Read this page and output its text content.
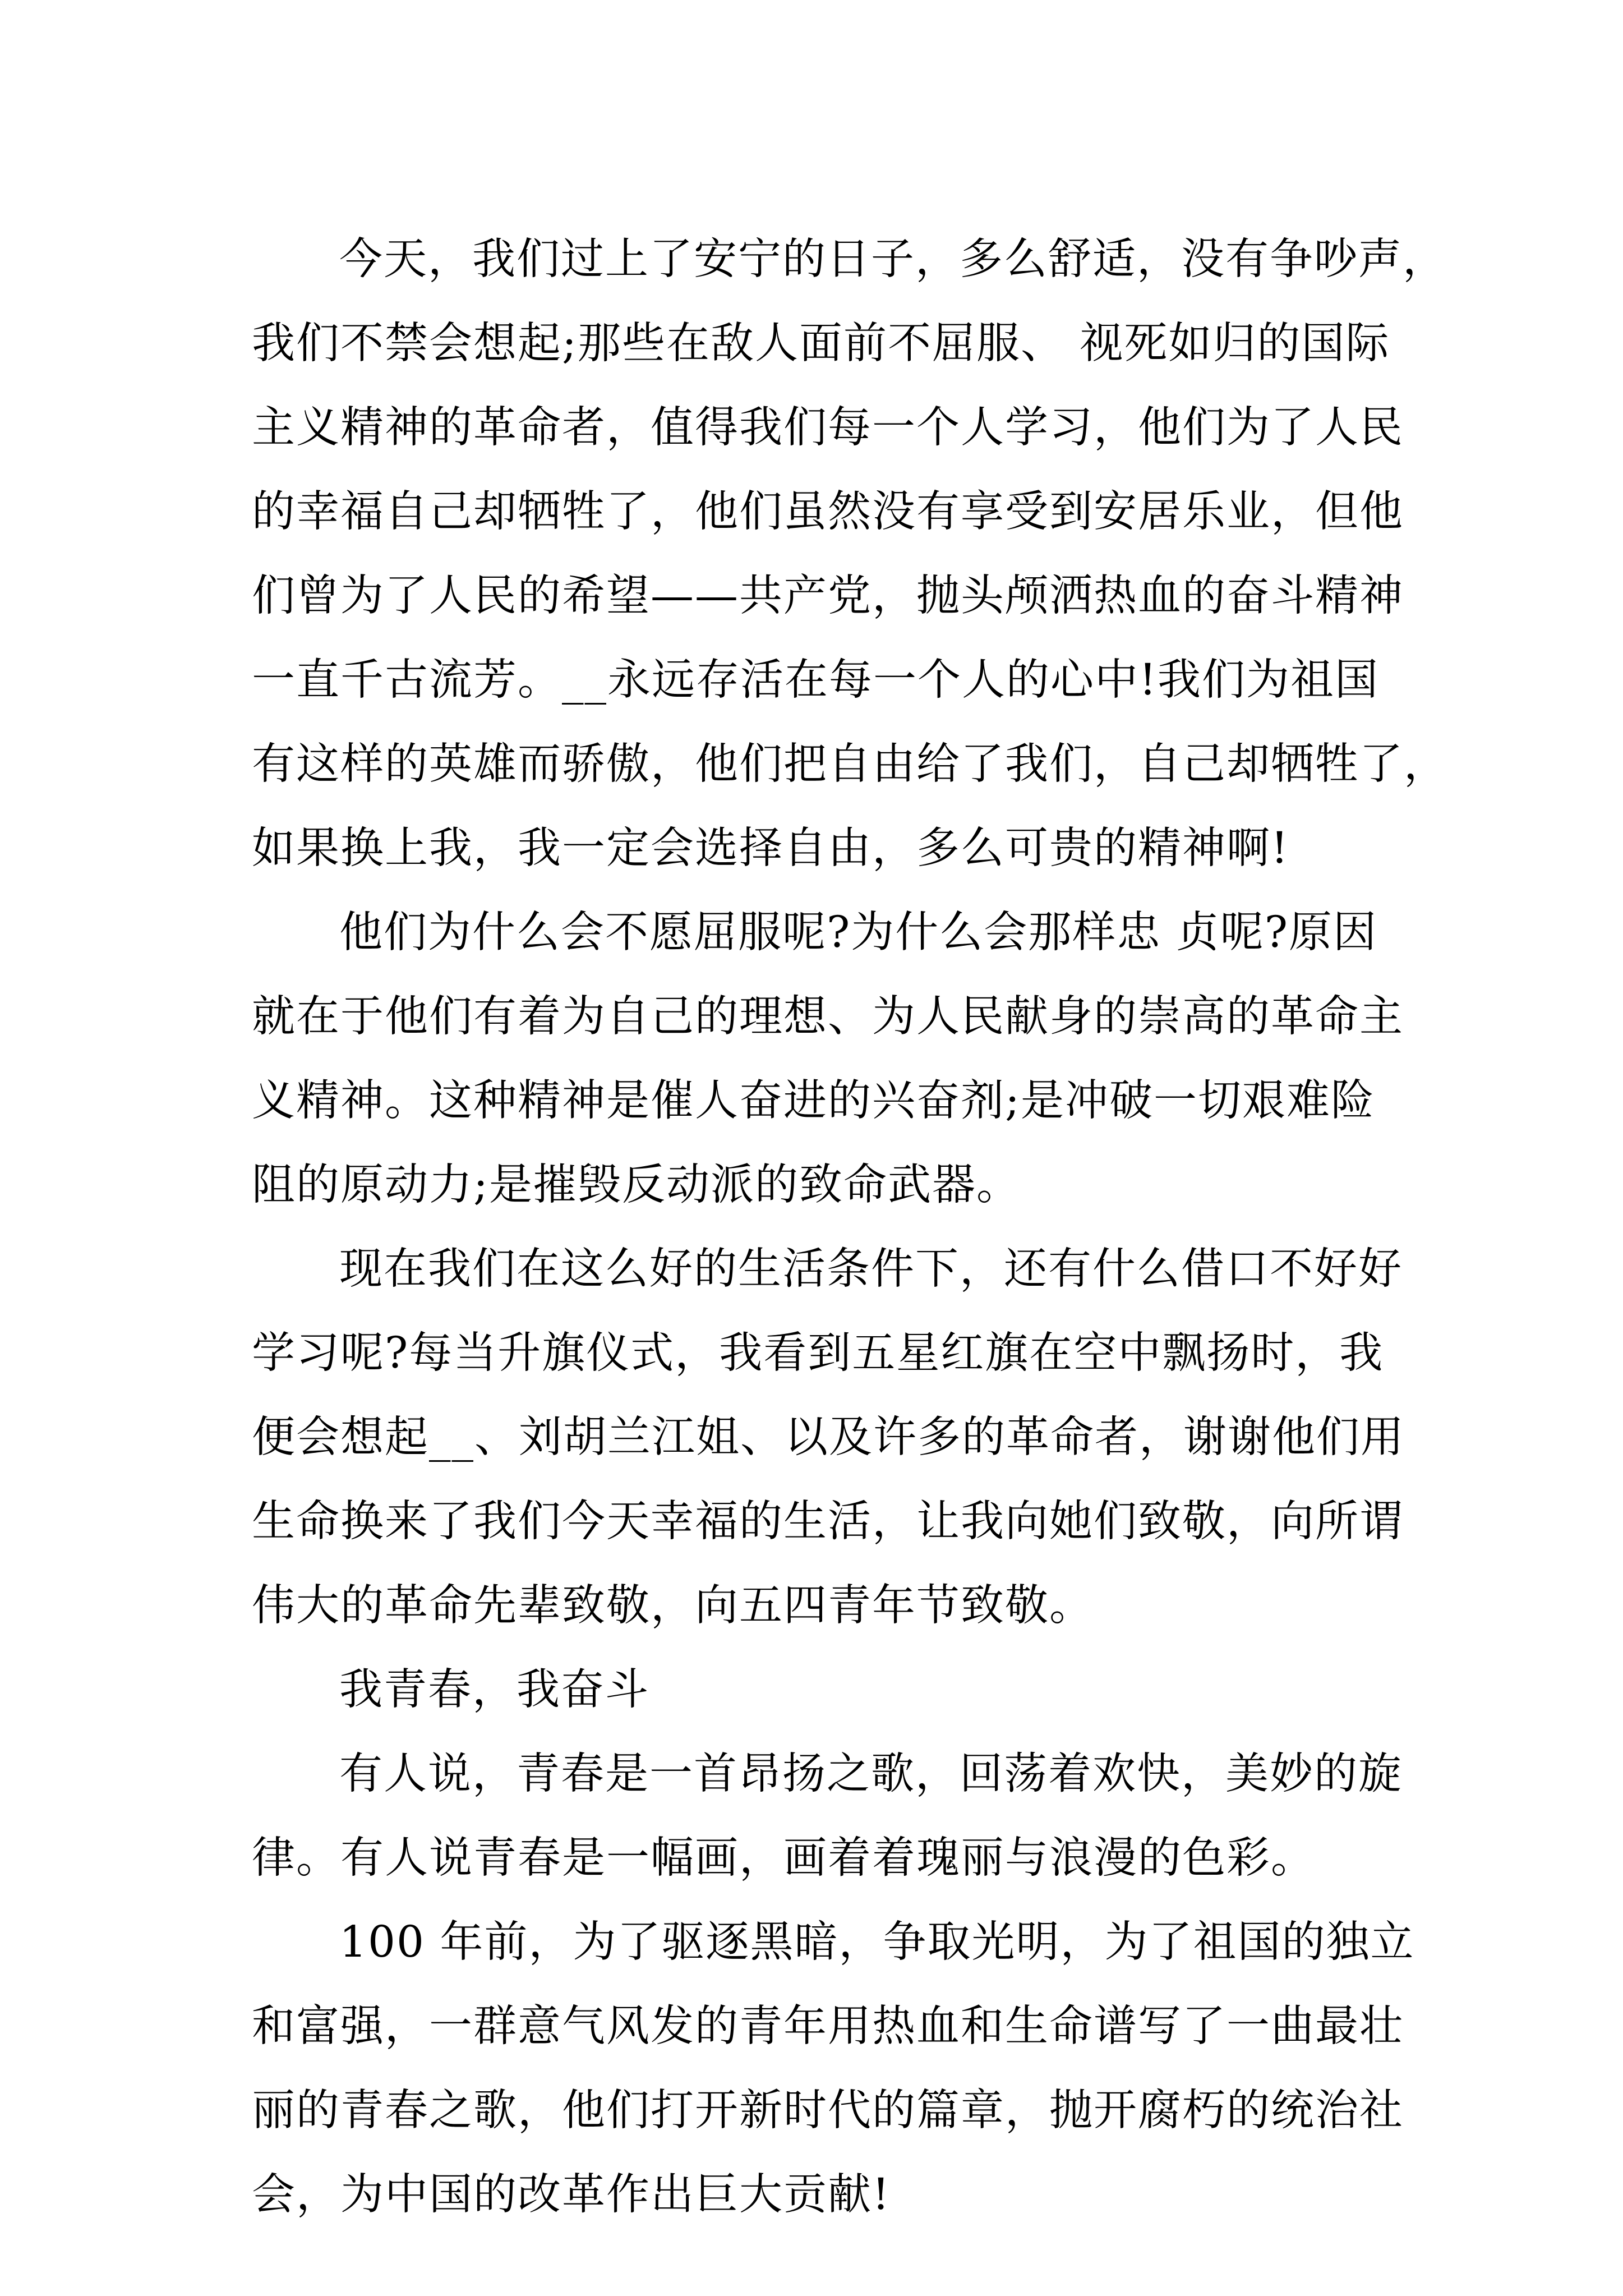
今天，我们过上了安宁的日子，多么舒适，没有争吵声，
我们不禁会想起;那些在敌人面前不屈服、 视死如归的国际
主义精神的革命者，值得我们每一个人学习，他们为了人民
的幸福自己却牺牲了，他们虽然没有享受到安居乐业，但他
们曾为了人民的希望——共产党，抛头颅洒热血的奋斗精神
一直千古流芳。__永远存活在每一个人的心中!我们为祖国
有这样的英雄而骄傲，他们把自由给了我们，自己却牺牲了，
如果换上我，我一定会选择自由，多么可贵的精神啊!
他们为什么会不愿屈服呢?为什么会那样忠 贞呢?原因
就在于他们有着为自己的理想、为人民献身的崇高的革命主
义精神。这种精神是催人奋进的兴奋剂;是冲破一切艰难险
阻的原动力;是摧毁反动派的致命武器。
现在我们在这么好的生活条件下，还有什么借口不好好
学习呢?每当升旗仪式，我看到五星红旗在空中飘扬时，我
便会想起__、刘胡兰江姐、以及许多的革命者，谢谢他们用
生命换来了我们今天幸福的生活，让我向她们致敬，向所谓
伟大的革命先辈致敬，向五四青年节致敬。
我青春，我奋斗
有人说，青春是一首昂扬之歌，回荡着欢快，美妙的旋
律。有人说青春是一幅画，画着着瑰丽与浪漫的色彩。
100 年前，为了驱逐黑暗，争取光明，为了祖国的独立
和富强，一群意气风发的青年用热血和生命谱写了一曲最壮
丽的青春之歌，他们打开新时代的篇章，抛开腐朽的统治社
会，为中国的改革作出巨大贡献!
